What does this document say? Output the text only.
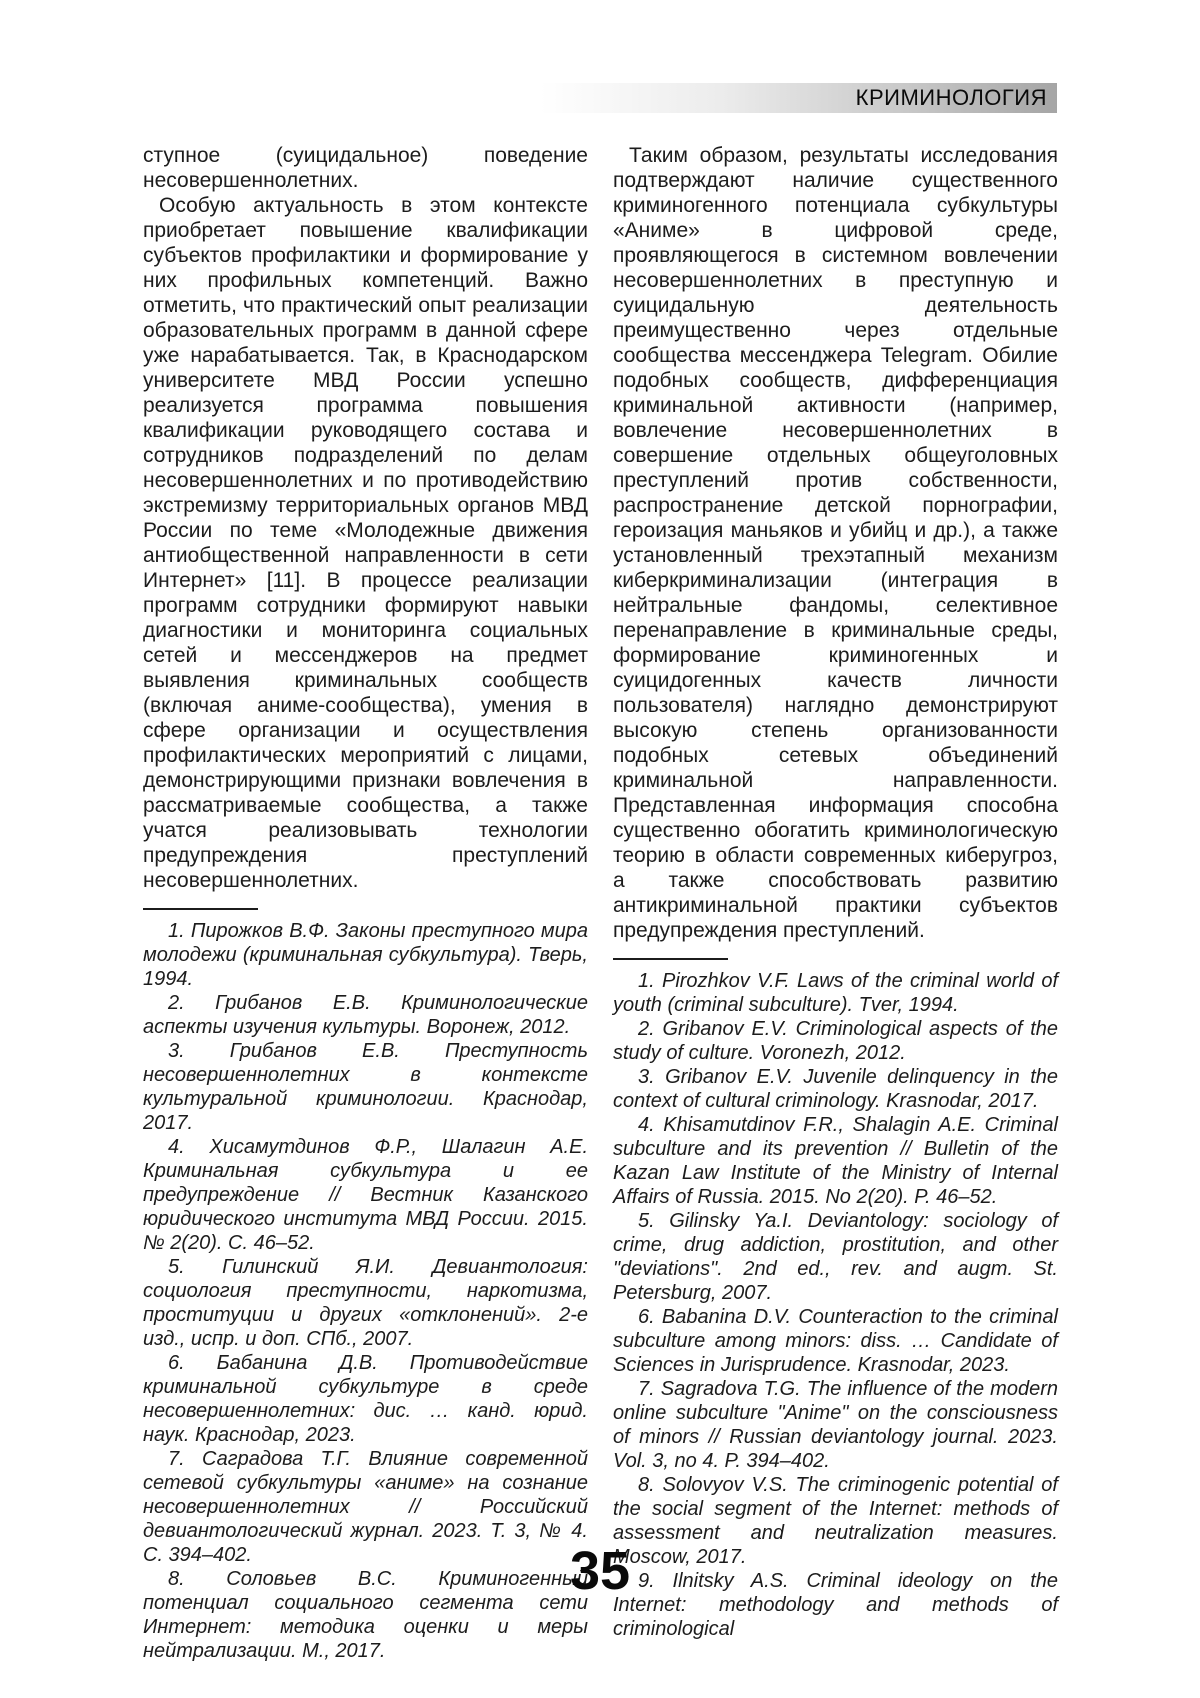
КРИМИНОЛОГИЯ

ступное (суицидальное) поведение несовершеннолетних.

Особую актуальность в этом контексте приобретает повышение квалификации субъектов профилактики и формирование у них профильных компетенций. Важно отметить, что практический опыт реализации образовательных программ в данной сфере уже нарабатывается. Так, в Краснодарском университете МВД России успешно реализуется программа повышения квалификации руководящего состава и сотрудников подразделений по делам несовершеннолетних и по противодействию экстремизму территориальных органов МВД России по теме «Молодежные движения антиобщественной направленности в сети Интернет» [11]. В процессе реализации программ сотрудники формируют навыки диагностики и мониторинга социальных сетей и мессенджеров на предмет выявления криминальных сообществ (включая аниме-сообщества), умения в сфере организации и осуществления профилактических мероприятий с лицами, демонстрирующими признаки вовлечения в рассматриваемые сообщества, а также учатся реализовывать технологии предупреждения преступлений несовершеннолетних.

1. Пирожков В.Ф. Законы преступного мира молодежи (криминальная субкультура). Тверь, 1994.

2. Грибанов Е.В. Криминологические аспекты изучения культуры. Воронеж, 2012.

3. Грибанов Е.В. Преступность несовершеннолетних в контексте культуральной криминологии. Краснодар, 2017.

4. Хисамутдинов Ф.Р., Шалагин А.Е. Криминальная субкультура и ее предупреждение // Вестник Казанского юридического института МВД России. 2015. № 2(20). С. 46–52.

5. Гилинский Я.И. Девиантология: социология преступности, наркотизма, проституции и других «отклонений». 2-е изд., испр. и доп. СПб., 2007.

6. Бабанина Д.В. Противодействие криминальной субкультуре в среде несовершеннолетних: дис. … канд. юрид. наук. Краснодар, 2023.

7. Саградова Т.Г. Влияние современной сетевой субкультуры «аниме» на сознание несовершеннолетних // Российский девиантологический журнал. 2023. Т. 3, № 4. С. 394–402.

8. Соловьев В.С. Криминогенный потенциал социального сегмента сети Интернет: методика оценки и меры нейтрализации. М., 2017.

Таким образом, результаты исследования подтверждают наличие существенного криминогенного потенциала субкультуры «Аниме» в цифровой среде, проявляющегося в системном вовлечении несовершеннолетних в преступную и суицидальную деятельность преимущественно через отдельные сообщества мессенджера Telegram. Обилие подобных сообществ, дифференциация криминальной активности (например, вовлечение несовершеннолетних в совершение отдельных общеуголовных преступлений против собственности, распространение детской порнографии, героизация маньяков и убийц и др.), а также установленный трехэтапный механизм киберкриминализации (интеграция в нейтральные фандомы, селективное перенаправление в криминальные среды, формирование криминогенных и суицидогенных качеств личности пользователя) наглядно демонстрируют высокую степень организованности подобных сетевых объединений криминальной направленности. Представленная информация способна существенно обогатить криминологическую теорию в области современных киберугроз, а также способствовать развитию антикриминальной практики субъектов предупреждения преступлений.

1. Pirozhkov V.F. Laws of the criminal world of youth (criminal subculture). Tver, 1994.

2. Gribanov E.V. Criminological aspects of the study of culture. Voronezh, 2012.

3. Gribanov E.V. Juvenile delinquency in the context of cultural criminology. Krasnodar, 2017.

4. Khisamutdinov F.R., Shalagin A.E. Criminal subculture and its prevention // Bulletin of the Kazan Law Institute of the Ministry of Internal Affairs of Russia. 2015. No 2(20). P. 46–52.

5. Gilinsky Ya.I. Deviantology: sociology of crime, drug addiction, prostitution, and other "deviations". 2nd ed., rev. and augm. St. Petersburg, 2007.

6. Babanina D.V. Counteraction to the criminal subculture among minors: diss. … Candidate of Sciences in Jurisprudence. Krasnodar, 2023.

7. Sagradova T.G. The influence of the modern online subculture "Anime" on the consciousness of minors // Russian deviantology journal. 2023. Vol. 3, no 4. P. 394–402.

8. Solovyov V.S. The criminogenic potential of the social segment of the Internet: methods of assessment and neutralization measures. Moscow, 2017.

9. Ilnitsky A.S. Criminal ideology on the Internet: methodology and methods of criminological

35
